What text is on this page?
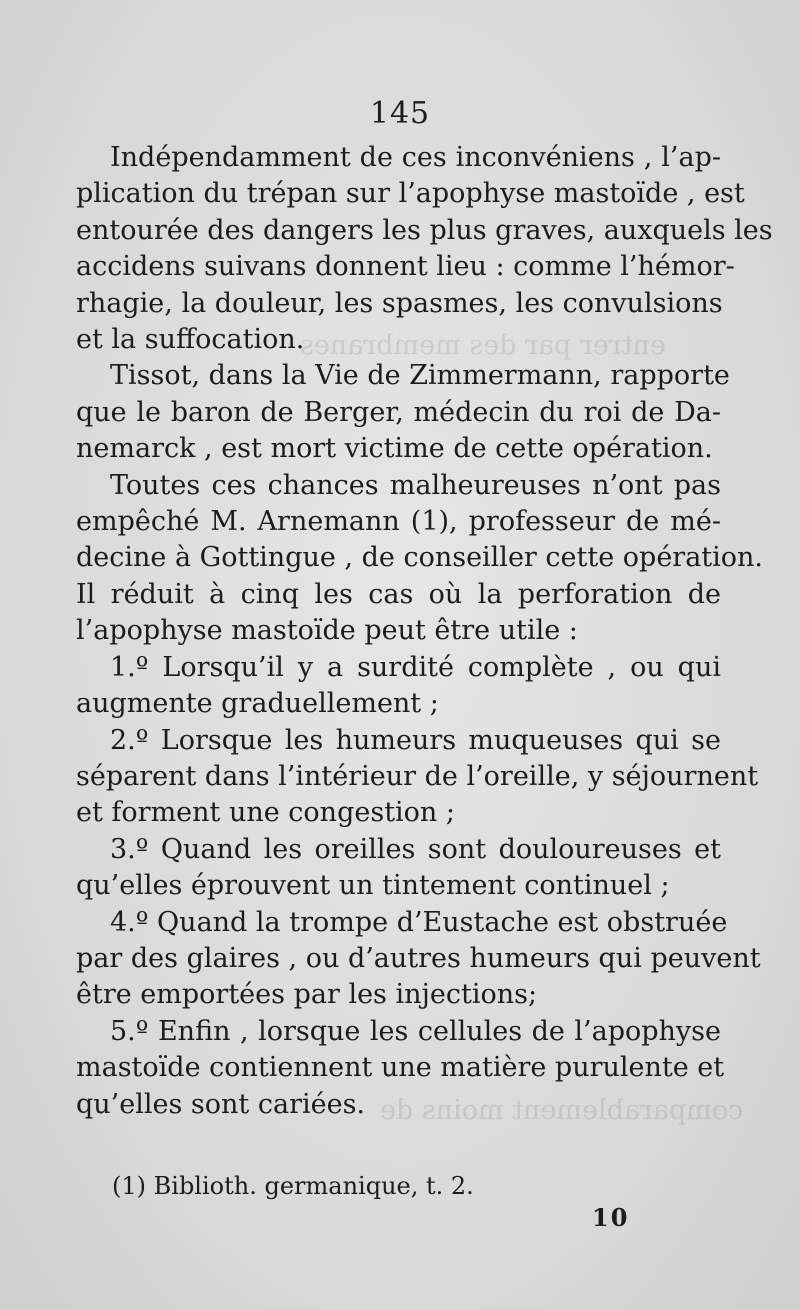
entrer par des membranes
comparablement moins de
145
Indépendamment de ces inconvéniens , l’ap-
plication du trépan sur l’apophyse mastoïde , est
entourée des dangers les plus graves, auxquels les
accidens suivans donnent lieu : comme l’hémor-
rhagie, la douleur, les spasmes, les convulsions
et la suffocation.
Tissot, dans la Vie de Zimmermann, rapporte
que le baron de Berger, médecin du roi de Da-
nemarck , est mort victime de cette opération.
Toutes ces chances malheureuses n’ont pas
empêché M. Arnemann (1), professeur de mé-
decine à Gottingue , de conseiller cette opération.
Il réduit à cinq les cas où la perforation de
l’apophyse mastoïde peut être utile :
1.º Lorsqu’il y a surdité complète , ou qui
augmente graduellement ;
2.º Lorsque les humeurs muqueuses qui se
séparent dans l’intérieur de l’oreille, y séjournent
et forment une congestion ;
3.º Quand les oreilles sont douloureuses et
qu’elles éprouvent un tintement continuel ;
4.º Quand la trompe d’Eustache est obstruée
par des glaires , ou d’autres humeurs qui peuvent
être emportées par les injections;
5.º Enfin , lorsque les cellules de l’apophyse
mastoïde contiennent une matière purulente et
qu’elles sont cariées.
(1) Biblioth. germanique, t. 2.
10
